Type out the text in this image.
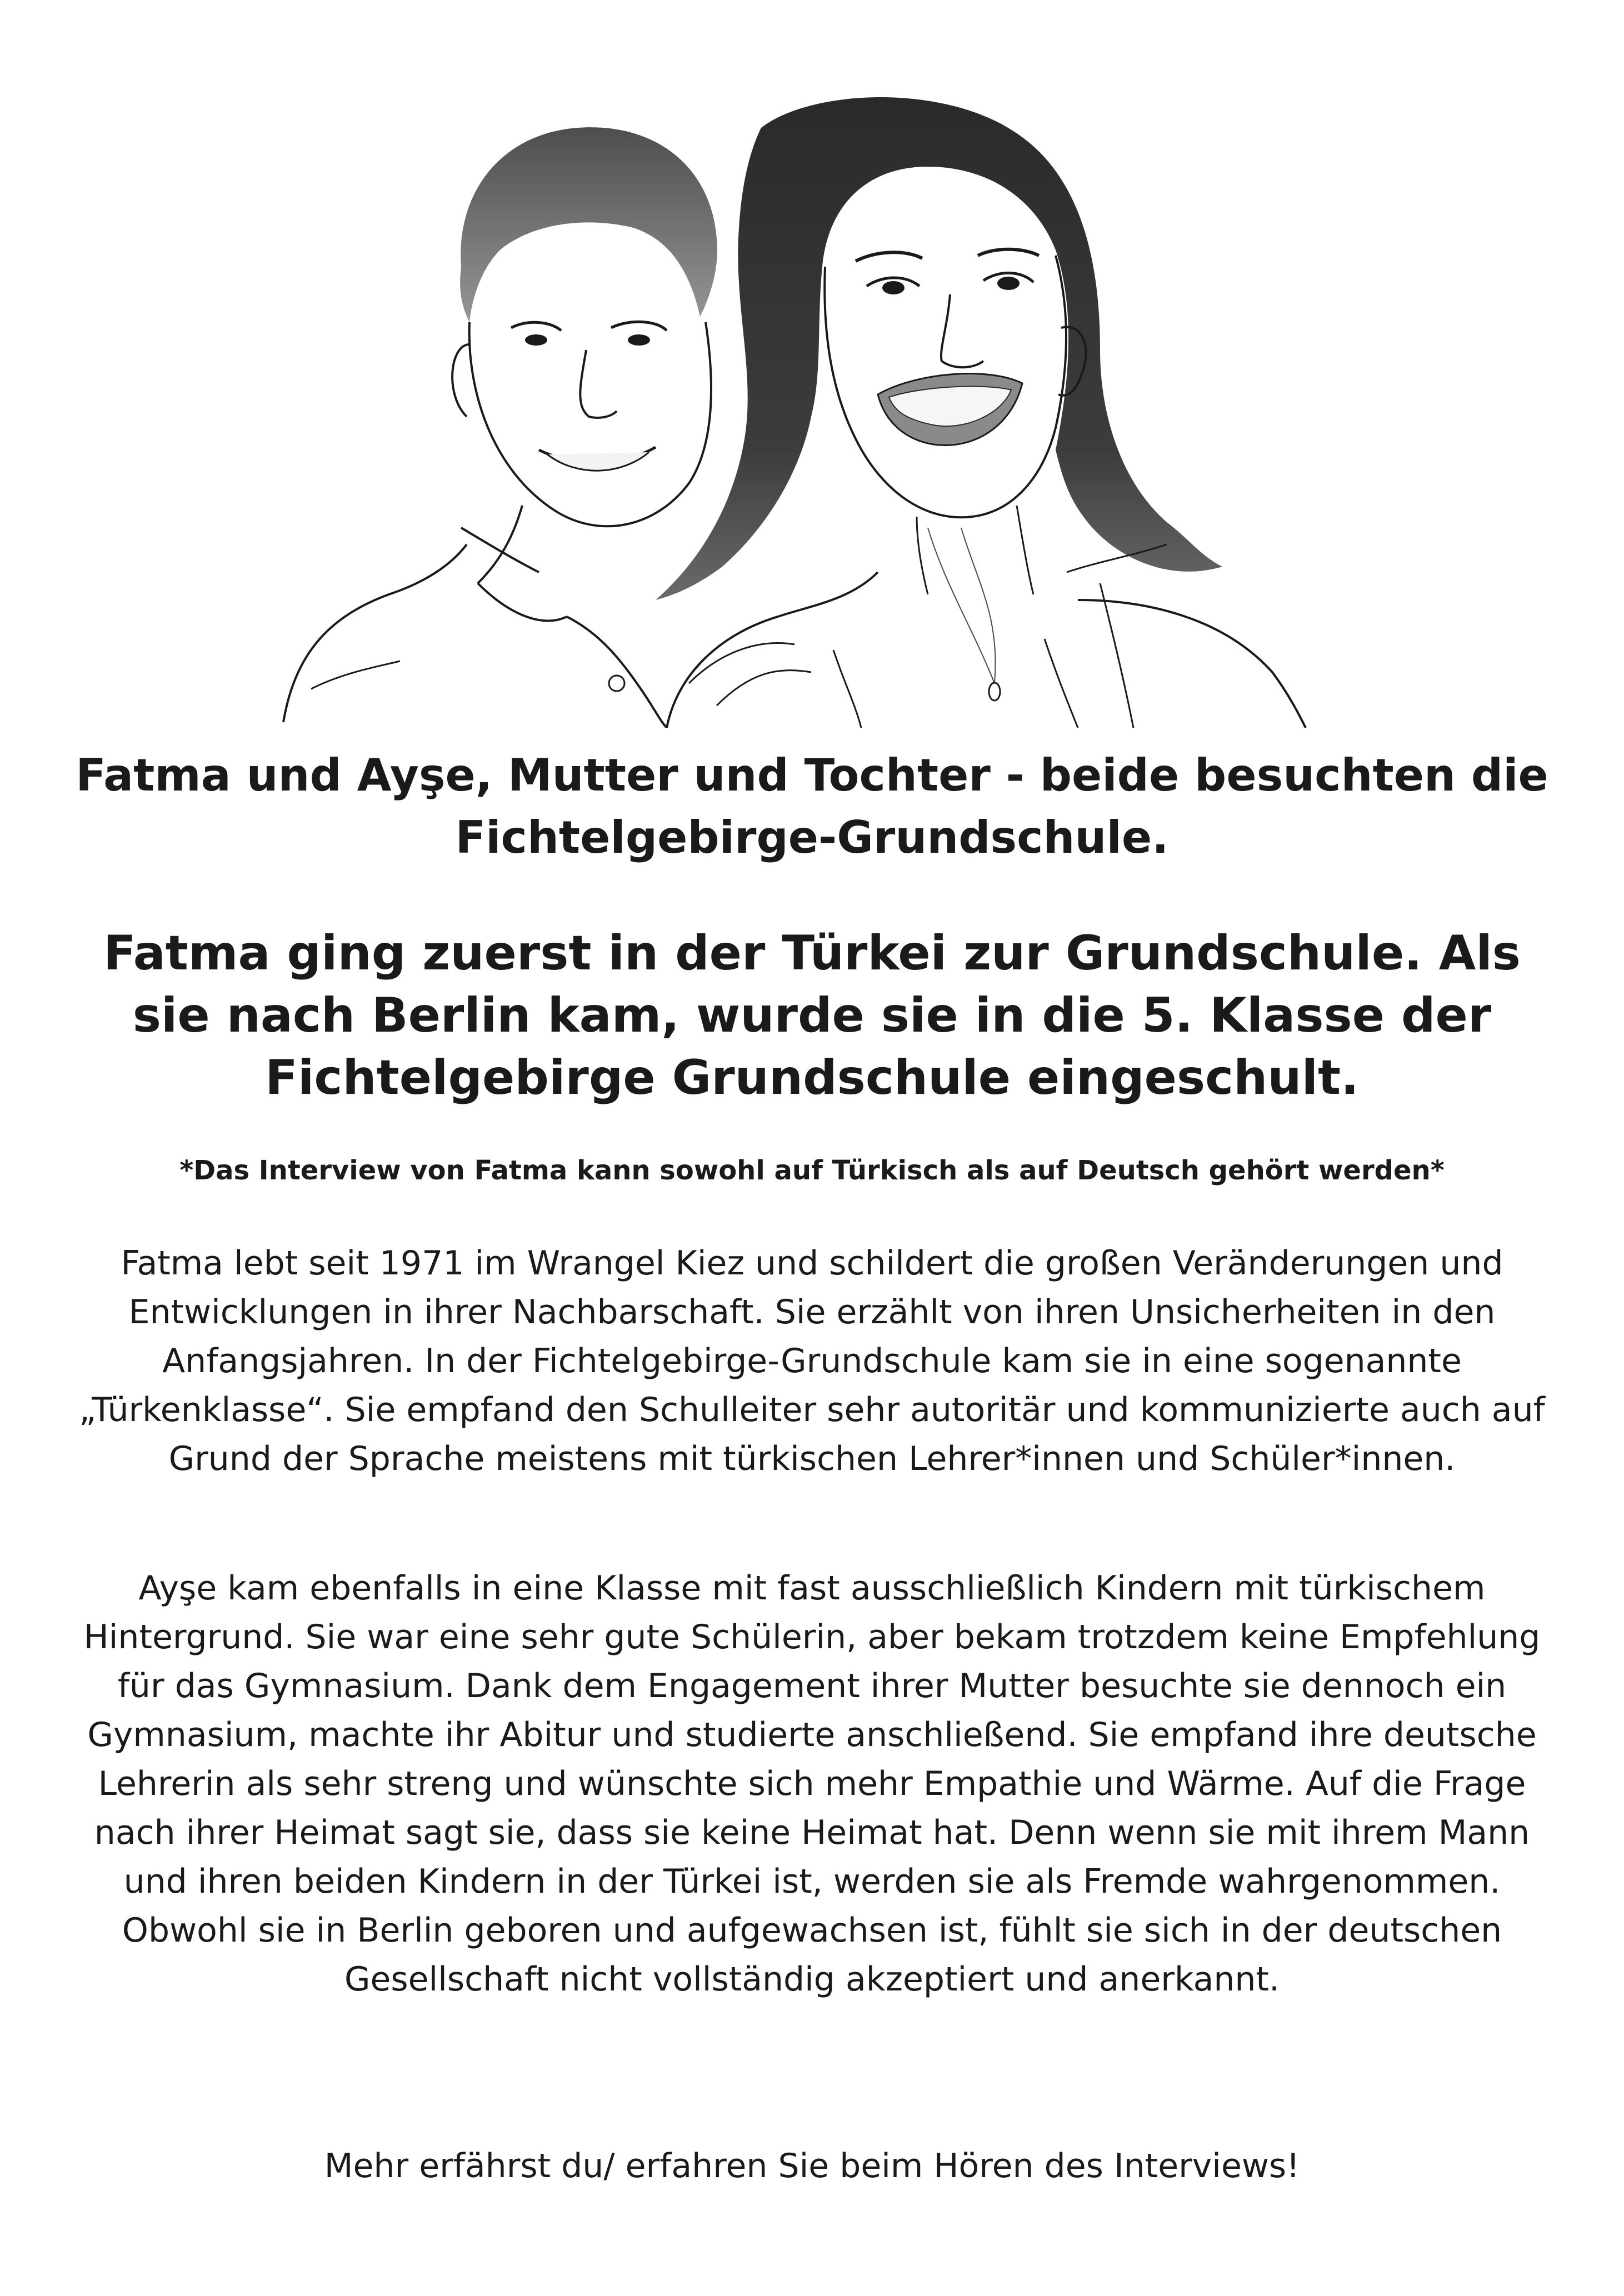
Fatma und Ayşe, Mutter und Tochter - beide besuchten die Fichtelgebirge-Grundschule.
Fatma ging zuerst in der Türkei zur Grundschule. Als sie nach Berlin kam, wurde sie in die 5. Klasse der Fichtelgebirge Grundschule eingeschult.

*Das Interview von Fatma kann sowohl auf Türkisch als auf Deutsch gehört werden*

Fatma lebt seit 1971 im Wrangel Kiez und schildert die großen Veränderungen und Entwicklungen in ihrer Nachbarschaft. Sie erzählt von ihren Unsicherheiten in den Anfangsjahren. In der Fichtelgebirge-Grundschule kam sie in eine sogenannte „Türkenklasse“. Sie empfand den Schulleiter sehr autoritär und kommunizierte auch auf Grund der Sprache meistens mit türkischen Lehrer*innen und Schüler*innen.

Ayşe kam ebenfalls in eine Klasse mit fast ausschließlich Kindern mit türkischem Hintergrund. Sie war eine sehr gute Schülerin, aber bekam trotzdem keine Empfehlung für das Gymnasium. Dank dem Engagement ihrer Mutter besuchte sie dennoch ein Gymnasium, machte ihr Abitur und studierte anschließend. Sie empfand ihre deutsche Lehrerin als sehr streng und wünschte sich mehr Empathie und Wärme. Auf die Frage nach ihrer Heimat sagt sie, dass sie keine Heimat hat. Denn wenn sie mit ihrem Mann und ihren beiden Kindern in der Türkei ist, werden sie als Fremde wahrgenommen. Obwohl sie in Berlin geboren und aufgewachsen ist, fühlt sie sich in der deutschen Gesellschaft nicht vollständig akzeptiert und anerkannt.

Mehr erfährst du/ erfahren Sie beim Hören des Interviews!
